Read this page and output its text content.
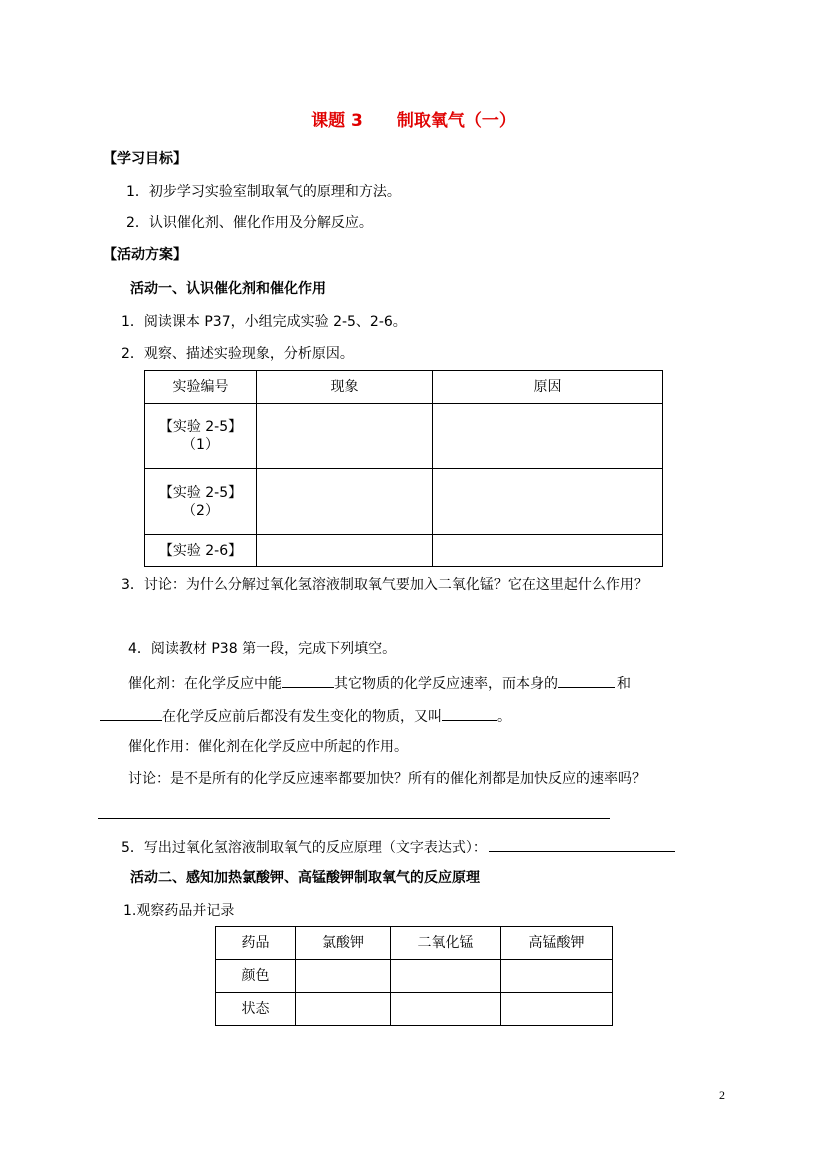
课题 3 制取氧气（一）
【学习目标】
1．初步学习实验室制取氧气的原理和方法。
2．认识催化剂、催化作用及分解反应。
【活动方案】
活动一、认识催化剂和催化作用
1．阅读课本 P37，小组完成实验 2-5、2-6。
2．观察、描述实验现象，分析原因。
实验编号	现象	原因

【实验 2-5】
（1）		

【实验 2-5】
（2）		

【实验 2-6】		
3．讨论：为什么分解过氧化氢溶液制取氧气要加入二氧化锰？它在这里起什么作用？
4．阅读教材 P38 第一段，完成下列填空。
催化剂：在化学反应中能	其它物质的化学反应速率，而本身的	和
在化学反应前后都没有发生变化的物质，又叫	。
催化作用：催化剂在化学反应中所起的作用。
讨论：是不是所有的化学反应速率都要加快？所有的催化剂都是加快反应的速率吗？
5．写出过氧化氢溶液制取氧气的反应原理（文字表达式）：
活动二、感知加热氯酸钾、高锰酸钾制取氧气的反应原理
1.观察药品并记录
药品	氯酸钾	二氧化锰	高锰酸钾
颜色			
状态			
2
